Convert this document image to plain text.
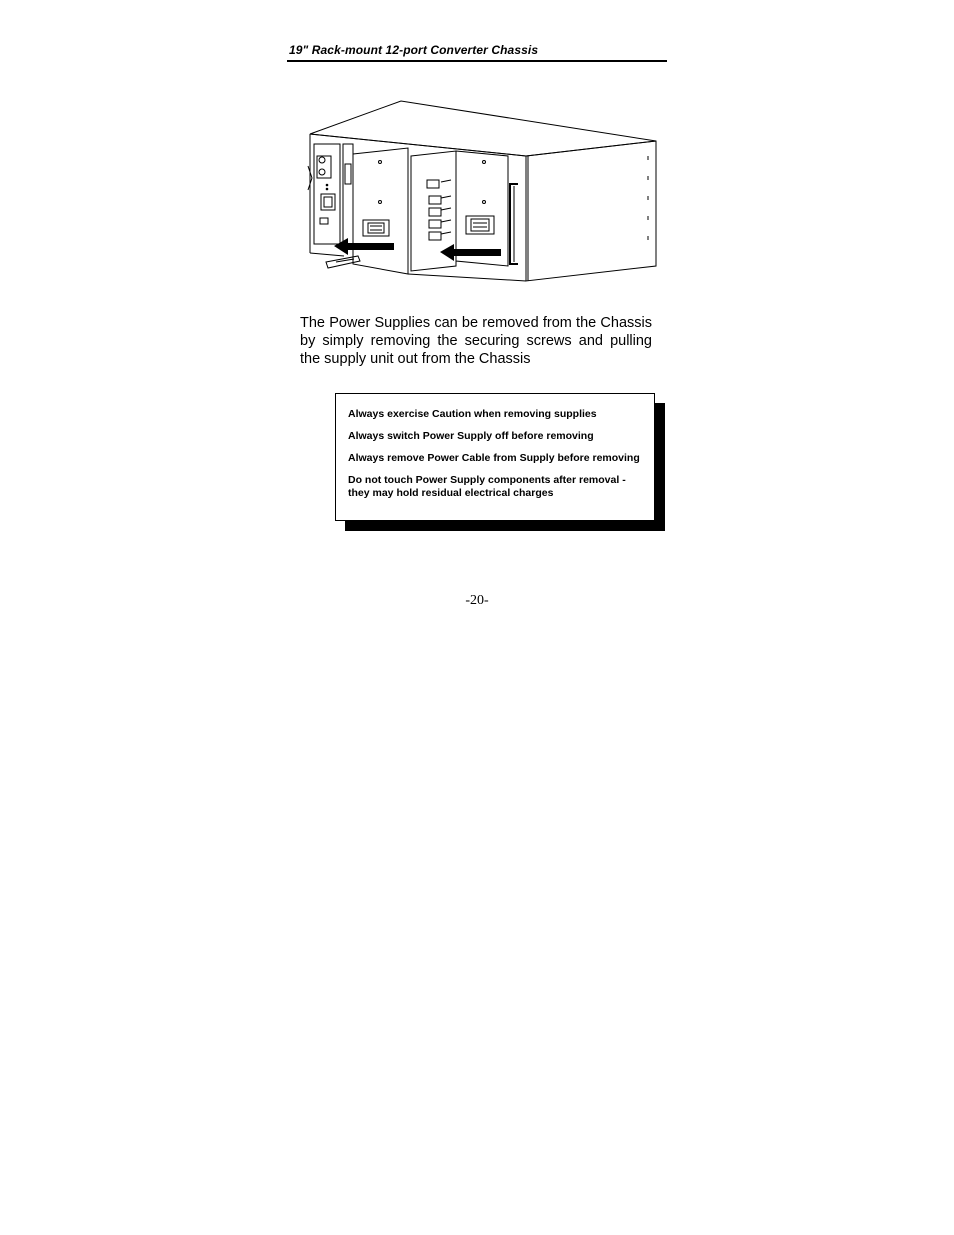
19" Rack-mount 12-port Converter Chassis
The Power Supplies can be removed from the Chassis by simply removing the securing screws and pulling the supply unit out from the Chassis
Always exercise Caution when removing supplies
Always switch Power Supply off before removing
Always remove Power Cable from Supply before removing
Do not touch Power Supply components after removal - they may hold residual electrical charges
-20-
